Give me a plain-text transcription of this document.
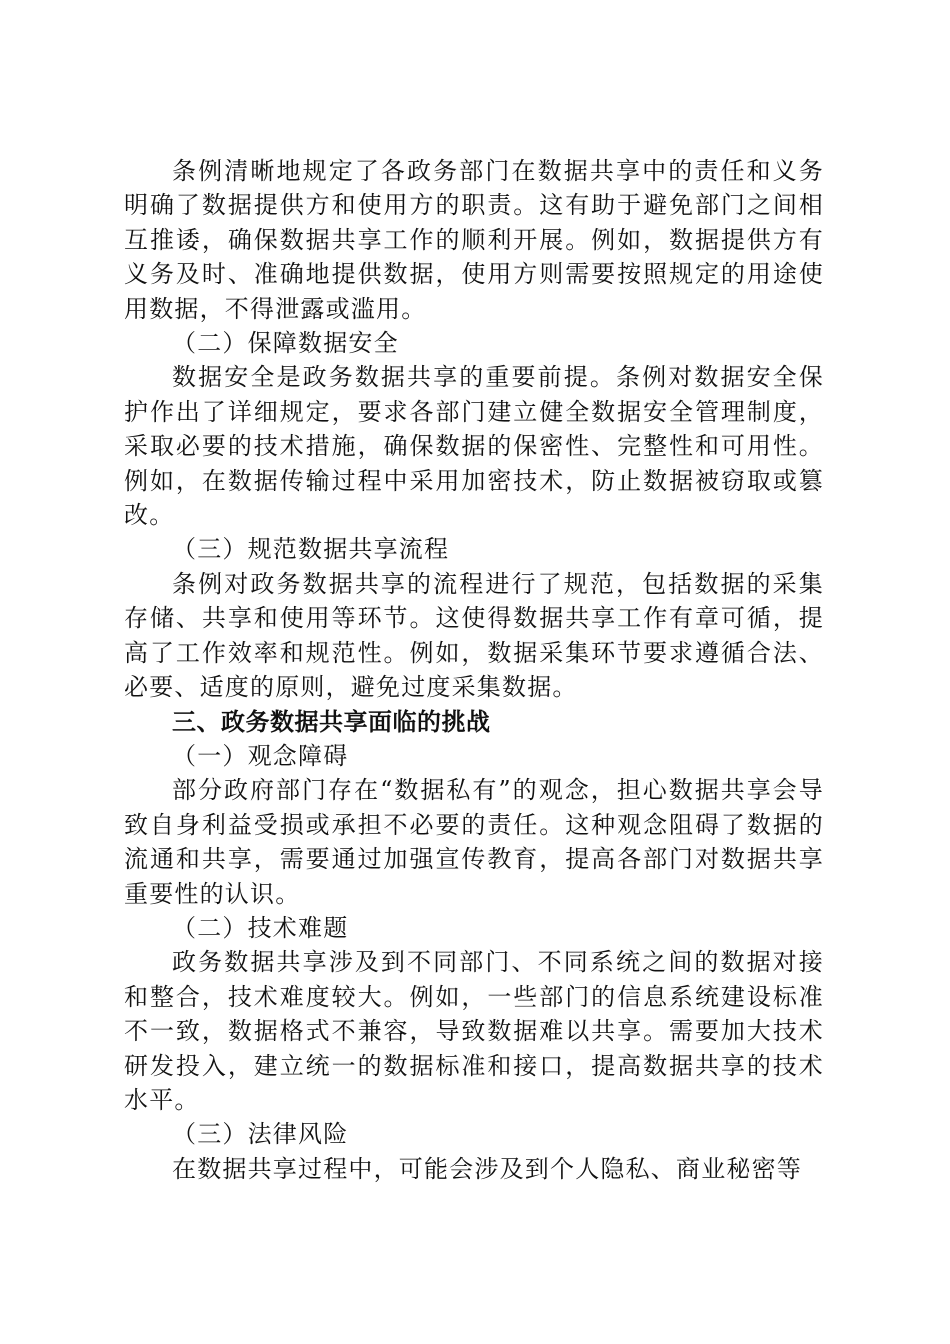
条例清晰地规定了各政务部门在数据共享中的责任和义务明确了数据提供方和使用方的职责。这有助于避免部门之间相互推诿，确保数据共享工作的顺利开展。例如，数据提供方有义务及时、准确地提供数据，使用方则需要按照规定的用途使用数据，不得泄露或滥用。

（二）保障数据安全

数据安全是政务数据共享的重要前提。条例对数据安全保护作出了详细规定，要求各部门建立健全数据安全管理制度，采取必要的技术措施，确保数据的保密性、完整性和可用性。例如，在数据传输过程中采用加密技术，防止数据被窃取或篡改。

（三）规范数据共享流程

条例对政务数据共享的流程进行了规范，包括数据的采集存储、共享和使用等环节。这使得数据共享工作有章可循，提高了工作效率和规范性。例如，数据采集环节要求遵循合法、必要、适度的原则，避免过度采集数据。

三、政务数据共享面临的挑战

（一）观念障碍

部分政府部门存在“数据私有”的观念，担心数据共享会导致自身利益受损或承担不必要的责任。这种观念阻碍了数据的流通和共享，需要通过加强宣传教育，提高各部门对数据共享重要性的认识。

（二）技术难题

政务数据共享涉及到不同部门、不同系统之间的数据对接和整合，技术难度较大。例如，一些部门的信息系统建设标准不一致，数据格式不兼容，导致数据难以共享。需要加大技术研发投入，建立统一的数据标准和接口，提高数据共享的技术水平。

（三）法律风险

在数据共享过程中，可能会涉及到个人隐私、商业秘密等
